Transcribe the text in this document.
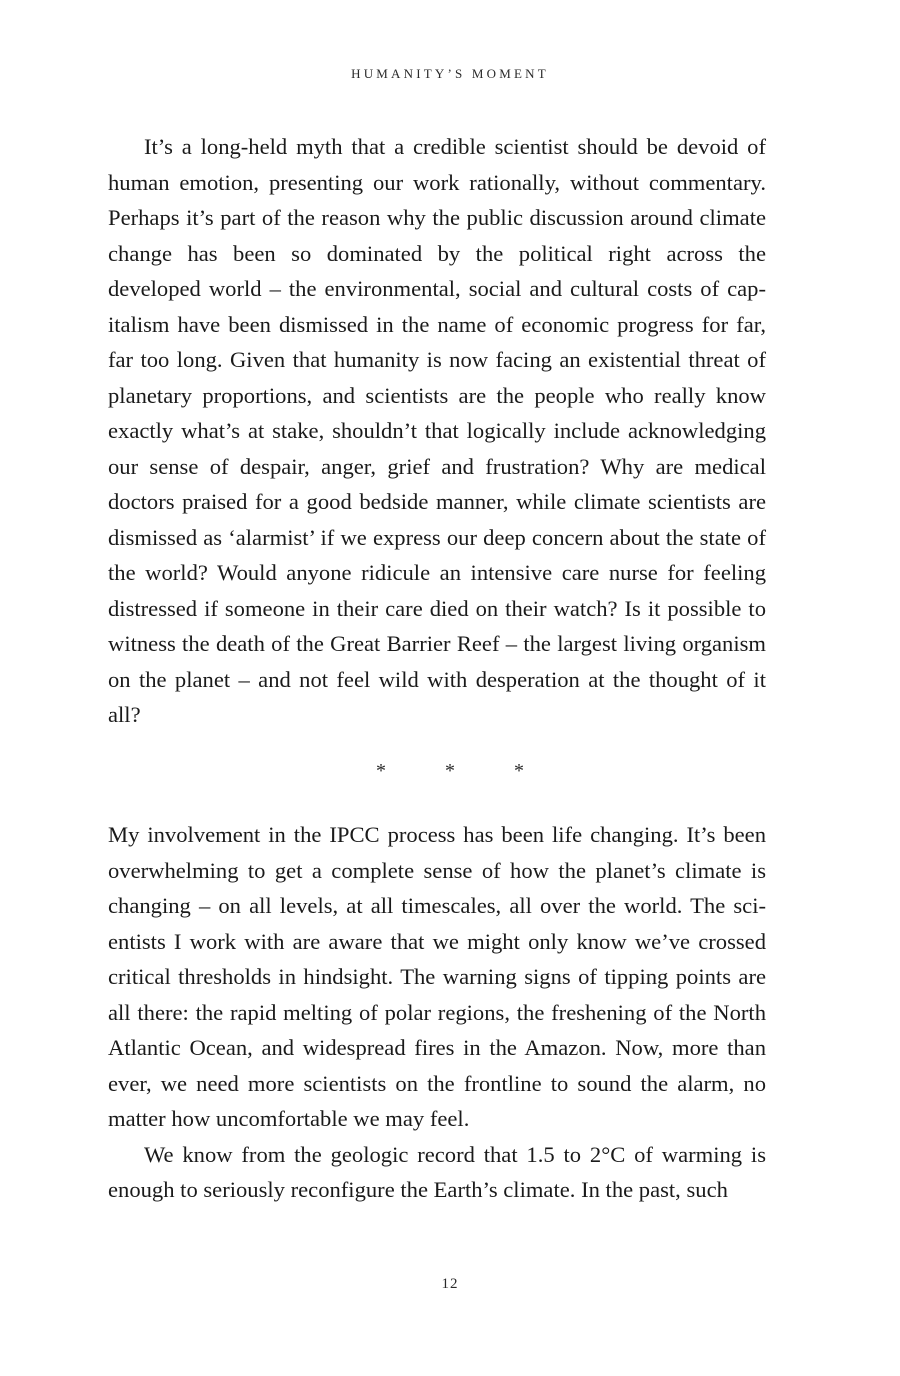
HUMANITY’S MOMENT

It’s a long-held myth that a credible scientist should be devoid of human emotion, presenting our work rationally, without commentary. Perhaps it’s part of the reason why the public discussion around climate change has been so dominated by the political right across the developed world – the environmental, social and cultural costs of capitalism have been dismissed in the name of economic progress for far, far too long. Given that humanity is now facing an existential threat of planetary proportions, and scientists are the people who really know exactly what’s at stake, shouldn’t that logically include acknowledging our sense of despair, anger, grief and frustration? Why are medical doctors praised for a good bedside manner, while climate scientists are dismissed as ‘alarmist’ if we express our deep concern about the state of the world? Would anyone ridicule an intensive care nurse for feeling distressed if someone in their care died on their watch? Is it possible to witness the death of the Great Barrier Reef – the largest living organism on the planet – and not feel wild with desperation at the thought of it all?

*	*	*

My involvement in the IPCC process has been life changing. It’s been overwhelming to get a complete sense of how the planet’s climate is changing – on all levels, at all timescales, all over the world. The scientists I work with are aware that we might only know we’ve crossed critical thresholds in hindsight. The warning signs of tipping points are all there: the rapid melting of polar regions, the freshening of the North Atlantic Ocean, and widespread fires in the Amazon. Now, more than ever, we need more scientists on the frontline to sound the alarm, no matter how uncomfortable we may feel.

We know from the geologic record that 1.5 to 2°C of warming is enough to seriously reconfigure the Earth’s climate. In the past, such

12
